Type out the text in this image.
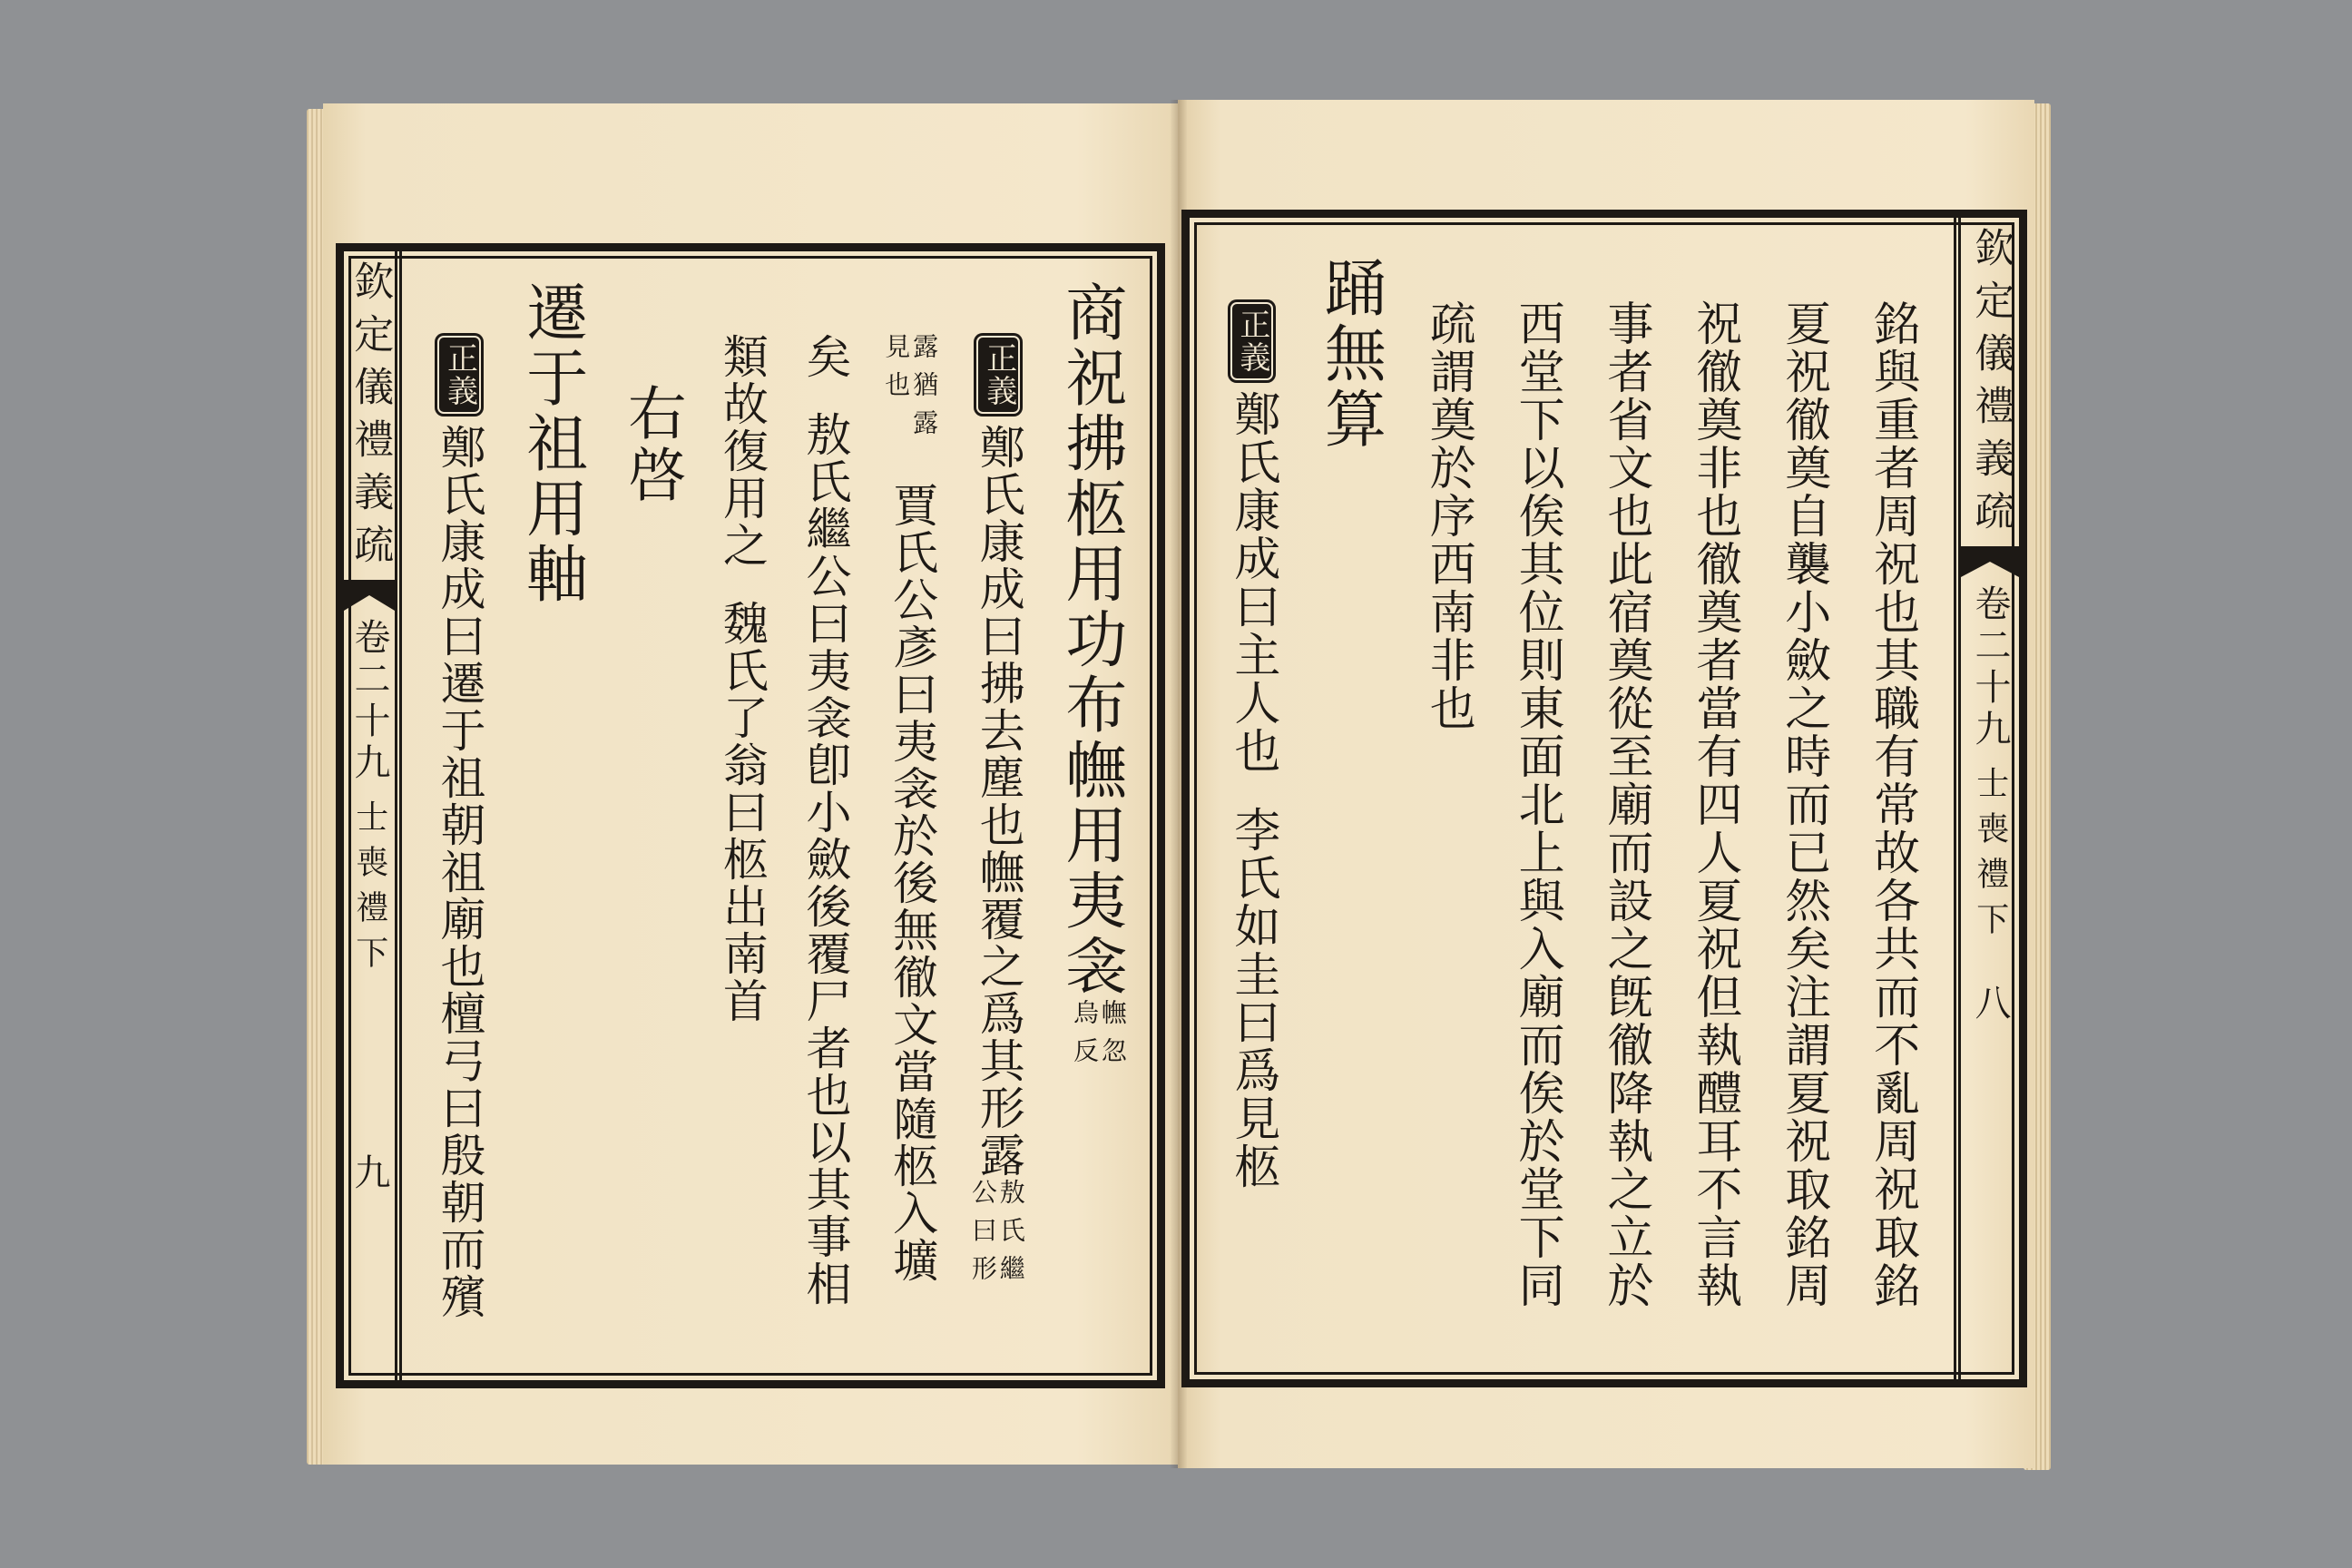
欽定儀禮義疏
卷二十九
士喪禮下
九
商祝拂柩用功布幠用夷衾幠忽烏反
正義鄭氏康成曰拂去塵也幠覆之爲其形露敖氏繼公曰形
露猶露見也賈氏公彥曰夷衾於後無徹文當隨柩入壙
矣敖氏繼公曰夷衾卽小斂後覆尸者也以其事相
類故復用之魏氏了翁曰柩出南首
右啓
遷于祖用軸
正義鄭氏康成曰遷于祖朝祖廟也檀弓曰殷朝而殯	銘與重者周祝也其職有常故各共而不亂周祝取銘
夏祝徹奠自襲小斂之時而已然矣注謂夏祝取銘周
祝徹奠非也徹奠者當有四人夏祝但執醴耳不言執
事者省文也此宿奠從至廟而設之旣徹降執之立於
西堂下以俟其位則東面北上與入廟而俟於堂下同
疏謂奠於序西南非也
踊無算
正義鄭氏康成曰主人也李氏如圭曰爲見柩
欽定儀禮義疏
卷二十九
士喪禮下
八
